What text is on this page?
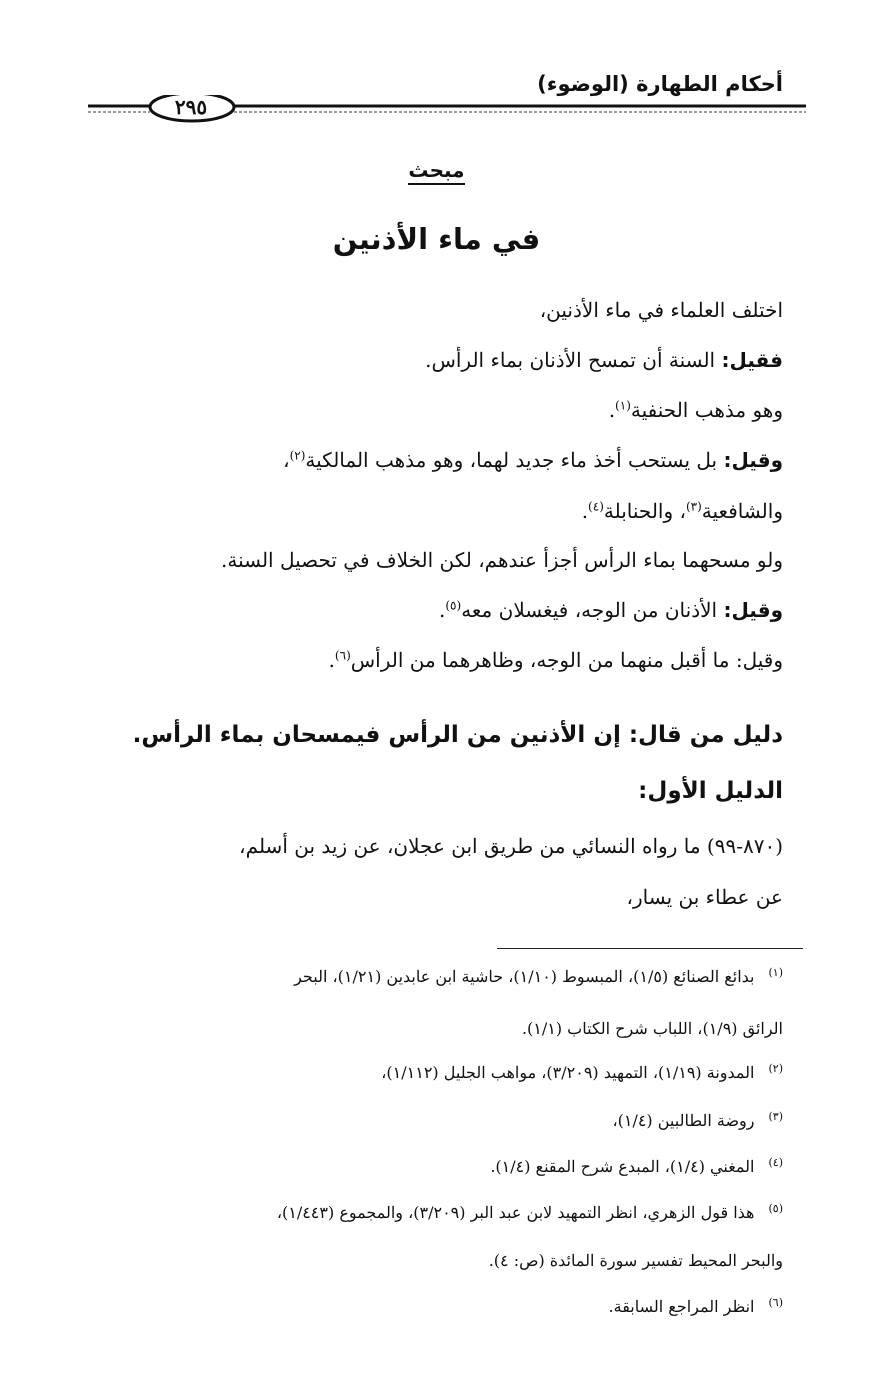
أحكام الطهارة (الوضوء)
٢٩٥
مبحث
في ماء الأذنين
اختلف العلماء في ماء الأذنين،
فقيل: السنة أن تمسح الأذنان بماء الرأس.
وهو مذهب الحنفية$^{(١)}$.
وقيل: بل يستحب أخذ ماء جديد لهما، وهو مذهب المالكية$^{(٢)}$،
والشافعية$^{(٣)}$، والحنابلة$^{(٤)}$.
ولو مسحهما بماء الرأس أجزأ عندهم، لكن الخلاف في تحصيل السنة.
وقيل: الأذنان من الوجه، فيغسلان معه$^{(٥)}$.
وقيل: ما أقبل منهما من الوجه، وظاهرهما من الرأس$^{(٦)}$.
دليل من قال: إن الأذنين من الرأس فيمسحان بماء الرأس.
الدليل الأول:
(٨٧٠-٩٩) ما رواه النسائي من طريق ابن عجلان، عن زيد بن أسلم،
عن عطاء بن يسار،
$^{(١)}$بدائع الصنائع (١/٥)، المبسوط (١/١٠)، حاشية ابن عابدين (١/٢١)، البحر
الرائق (١/٩)، اللباب شرح الكتاب (١/١).
$^{(٢)}$المدونة (١/١٩)، التمهيد (٣/٢٠٩)، مواهب الجليل (١/١١٢)،
$^{(٣)}$روضة الطالبين (١/٤)،
$^{(٤)}$المغني (١/٤)، المبدع شرح المقنع (١/٤).
$^{(٥)}$هذا قول الزهري، انظر التمهيد لابن عبد البر (٣/٢٠٩)، والمجموع (١/٤٤٣)،
والبحر المحيط تفسير سورة المائدة (ص: ٤).
$^{(٦)}$انظر المراجع السابقة.
